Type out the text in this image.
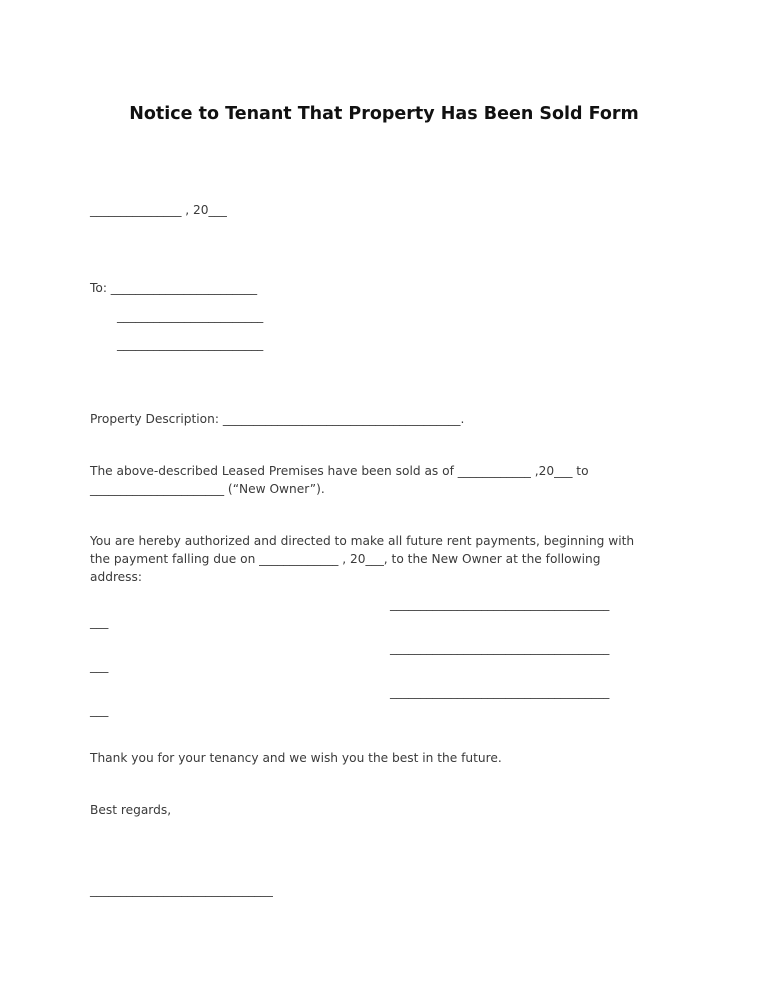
Notice to Tenant That Property Has Been Sold Form
_______________ , 20___
To: ________________________
________________________
________________________
Property Description: _______________________________________.
The above-described Leased Premises have been sold as of ____________ ,20___ to
______________________ (“New Owner”).
You are hereby authorized and directed to make all future rent payments, beginning with
the payment falling due on _____________ , 20___, to the New Owner at the following
address:
____________________________________
___
____________________________________
___
____________________________________
___
Thank you for your tenancy and we wish you the best in the future.
Best regards,
______________________________
